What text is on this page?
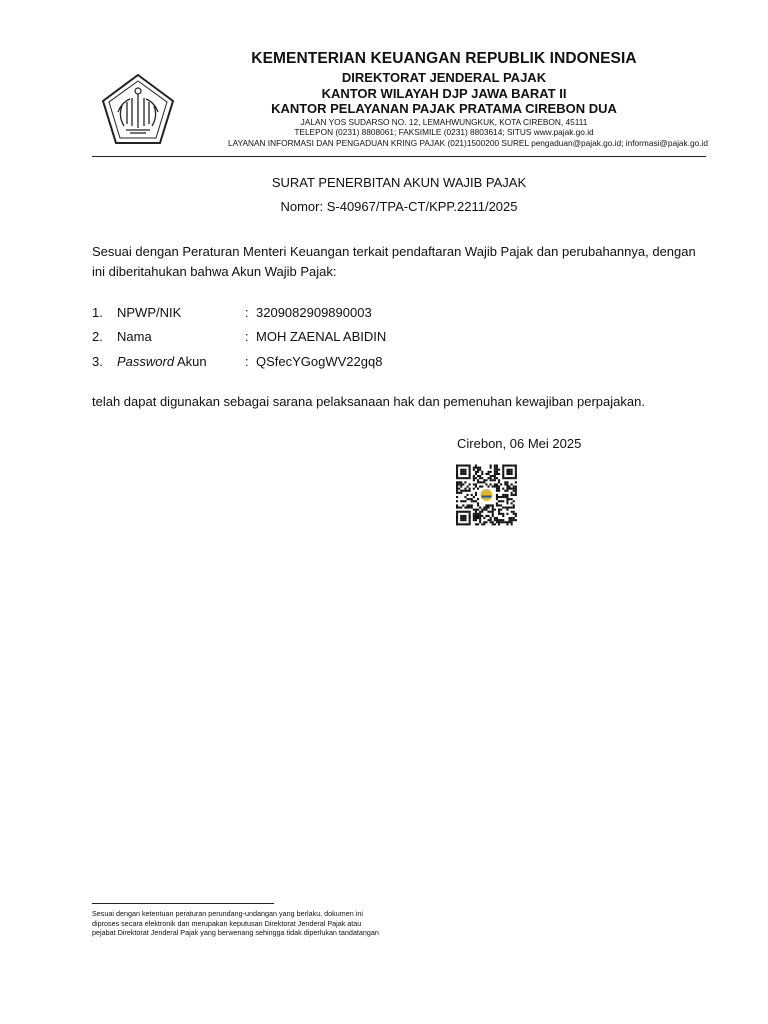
KEMENTERIAN KEUANGAN REPUBLIK INDONESIA
DIREKTORAT JENDERAL PAJAK
KANTOR WILAYAH DJP JAWA BARAT II
KANTOR PELAYANAN PAJAK PRATAMA CIREBON DUA
JALAN YOS SUDARSO NO. 12, LEMAHWUNGKUK, KOTA CIREBON, 45111
TELEPON (0231) 8808061; FAKSIMILE (0231) 8803614; SITUS www.pajak.go.id
LAYANAN INFORMASI DAN PENGADUAN KRING PAJAK (021)1500200 SUREL pengaduan@pajak.go.id; informasi@pajak.go.id
SURAT PENERBITAN AKUN WAJIB PAJAK
Nomor: S-40967/TPA-CT/KPP.2211/2025
Sesuai dengan Peraturan Menteri Keuangan terkait pendaftaran Wajib Pajak dan perubahannya, dengan ini diberitahukan bahwa Akun Wajib Pajak:
1. NPWP/NIK	: 3209082909890003
2. Nama	: MOH ZAENAL ABIDIN
3. Password Akun	: QSfecYGogWV22gq8
telah dapat digunakan sebagai sarana pelaksanaan hak dan pemenuhan kewajiban perpajakan.
Cirebon, 06 Mei 2025
Sesuai dengan ketentuan peraturan perundang-undangan yang berlaku, dokumen ini
diproses secara elektronik dan merupakan keputusan Direktorat Jenderal Pajak atau
pejabat Direktorat Jenderal Pajak yang berwenang sehingga tidak diperlukan tandatangan
